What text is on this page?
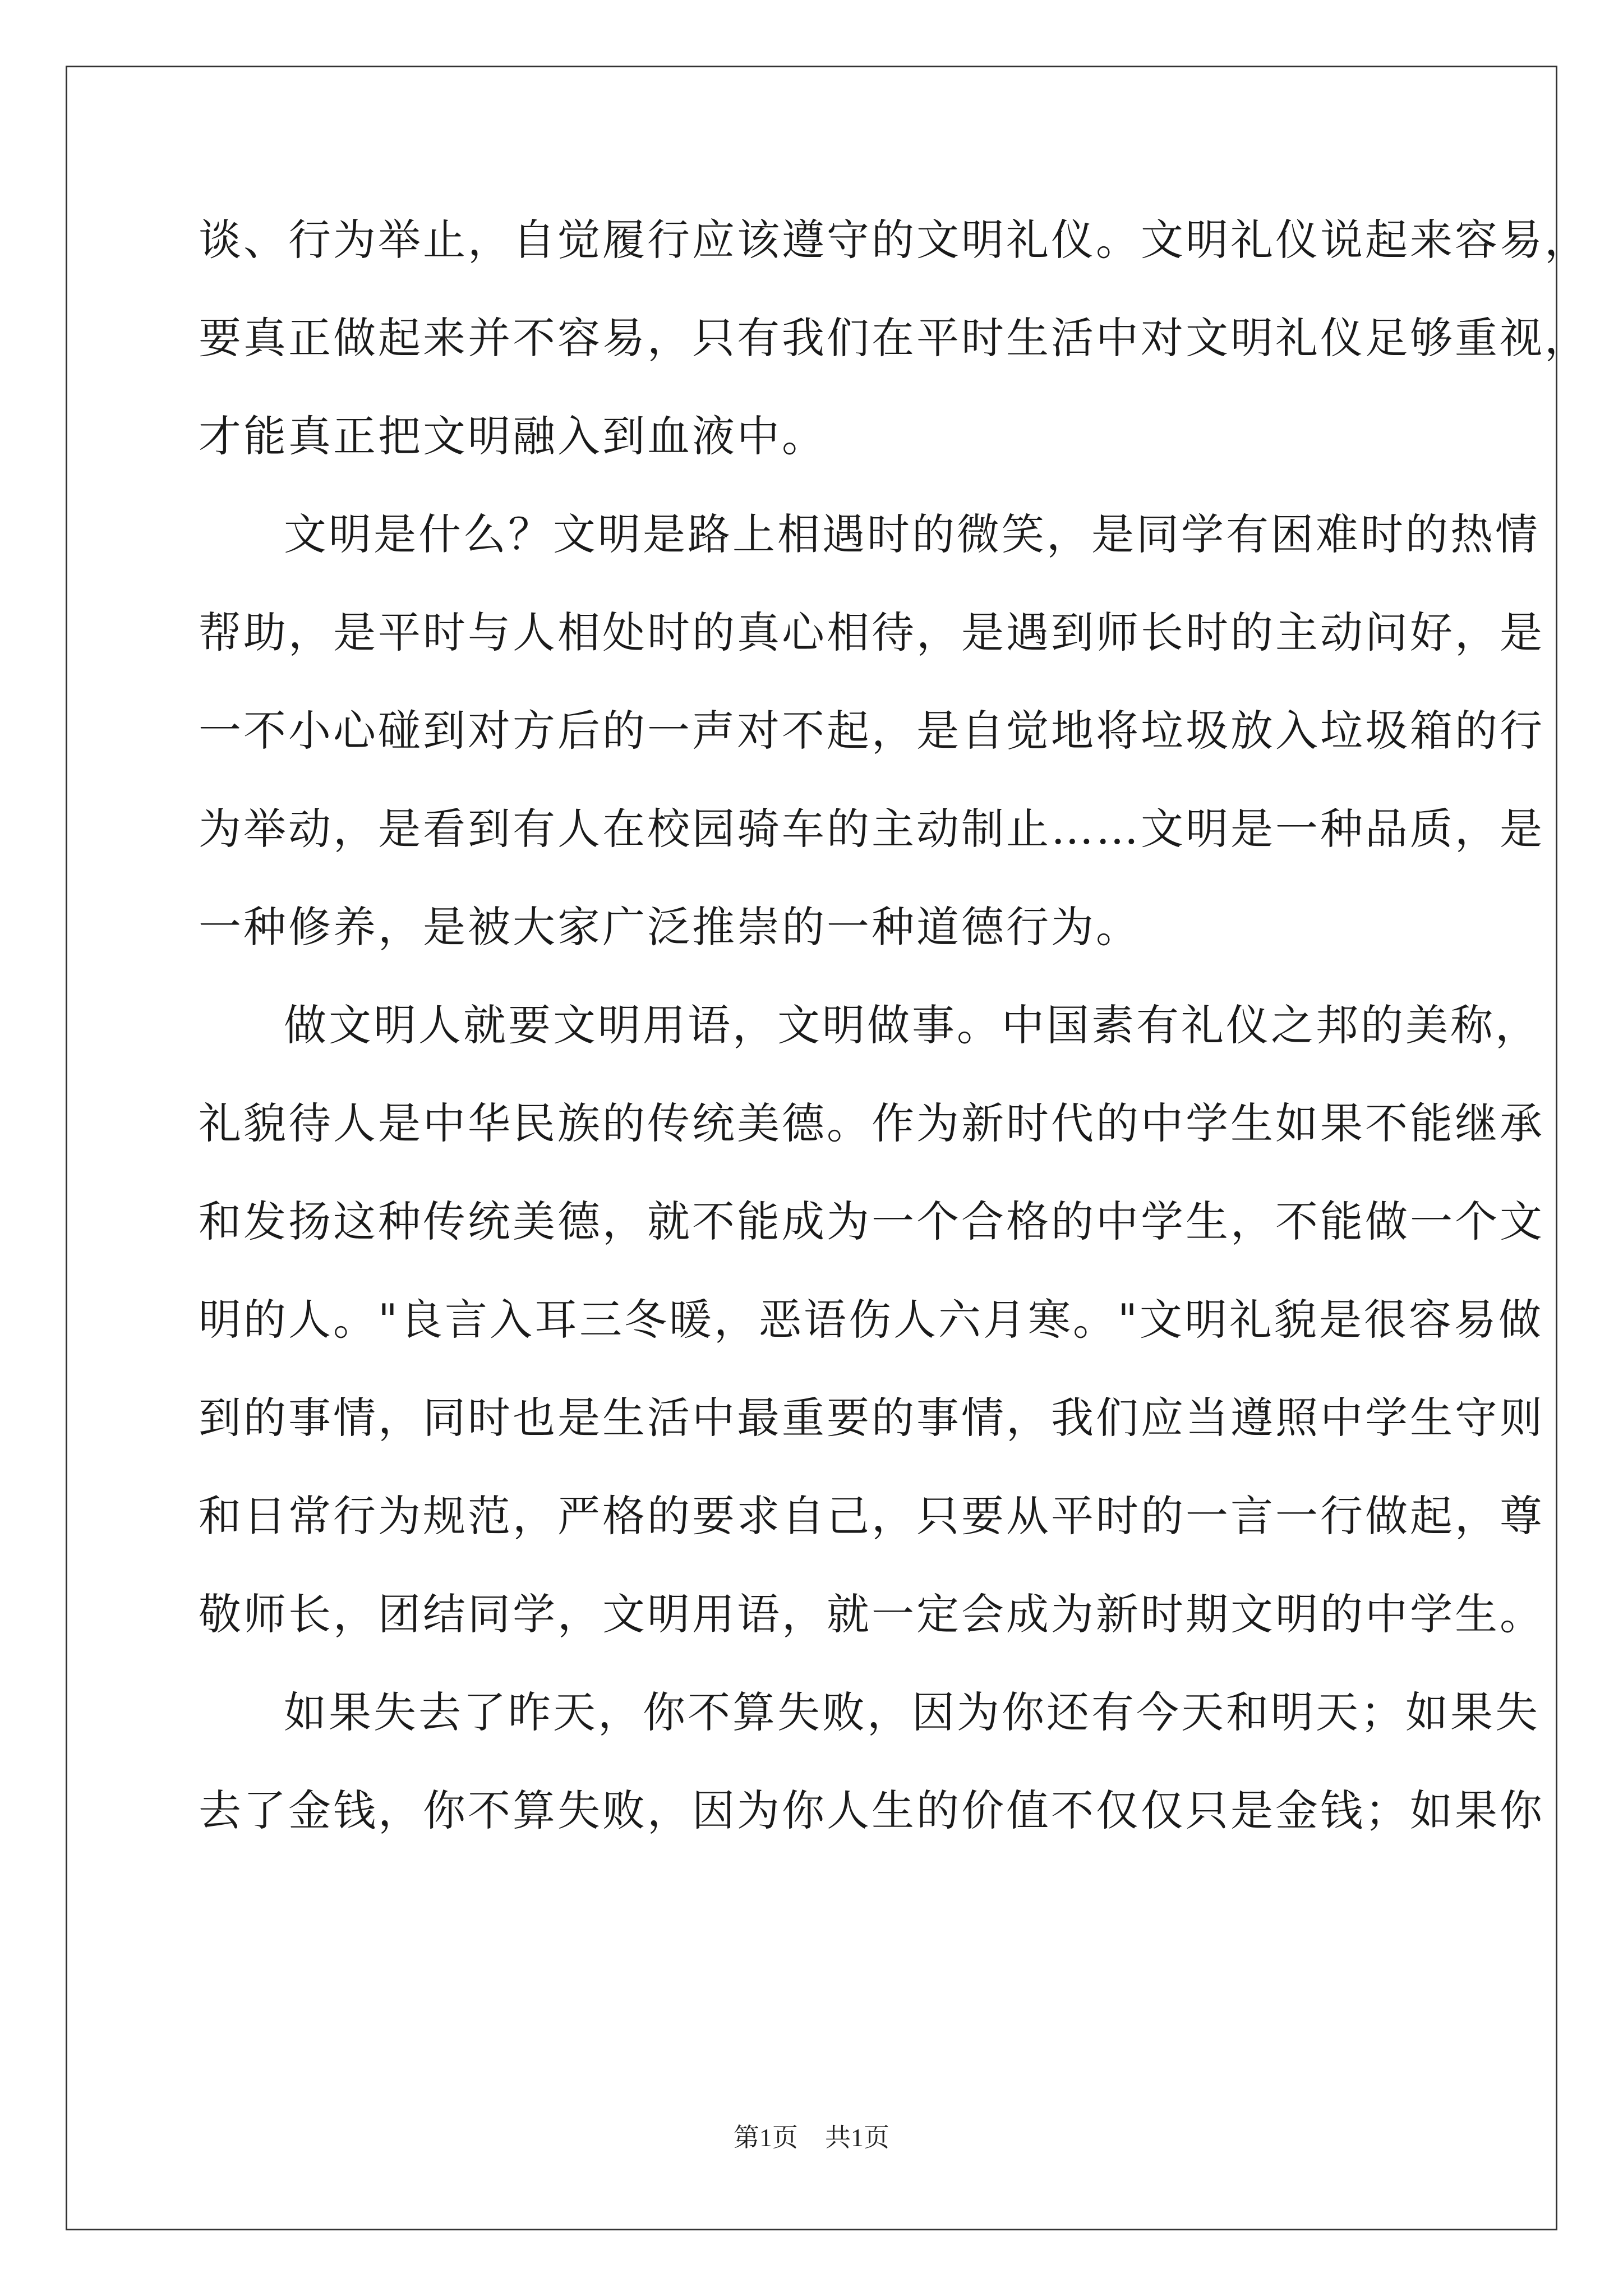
谈、行为举止，自觉履行应该遵守的文明礼仪。文明礼仪说起来容易，
要真正做起来并不容易，只有我们在平时生活中对文明礼仪足够重视，
才能真正把文明融入到血液中。
文明是什么？文明是路上相遇时的微笑，是同学有困难时的热情
帮助，是平时与人相处时的真心相待，是遇到师长时的主动问好，是
一不小心碰到对方后的一声对不起，是自觉地将垃圾放入垃圾箱的行
为举动，是看到有人在校园骑车的主动制止……文明是一种品质，是
一种修养，是被大家广泛推崇的一种道德行为。
做文明人就要文明用语，文明做事。中国素有礼仪之邦的美称，
礼貌待人是中华民族的传统美德。作为新时代的中学生如果不能继承
和发扬这种传统美德，就不能成为一个合格的中学生，不能做一个文
明的人。"良言入耳三冬暖，恶语伤人六月寒。"文明礼貌是很容易做
到的事情，同时也是生活中最重要的事情，我们应当遵照中学生守则
和日常行为规范，严格的要求自己，只要从平时的一言一行做起，尊
敬师长，团结同学，文明用语，就一定会成为新时期文明的中学生。
如果失去了昨天，你不算失败，因为你还有今天和明天；如果失
去了金钱，你不算失败，因为你人生的价值不仅仅只是金钱；如果你
第1页 共1页
